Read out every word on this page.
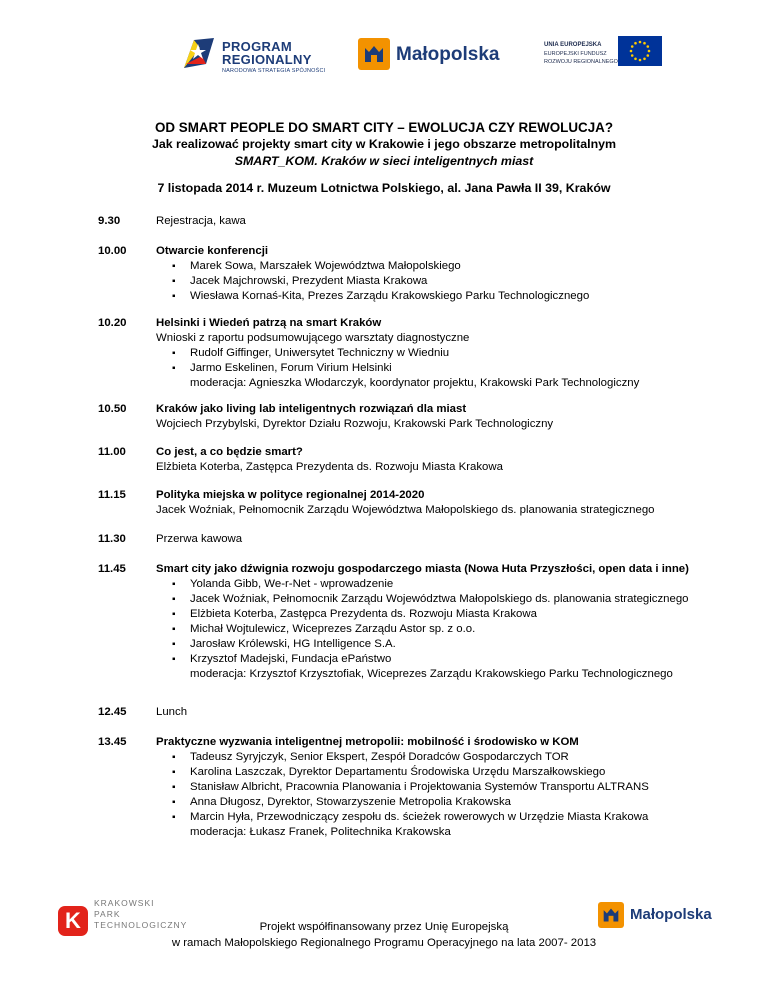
PROGRAM
REGIONALNY
NARODOWA STRATEGIA SPÓJNOŚCI
Małopolska	UNIA EUROPEJSKA
EUROPEJSKI FUNDUSZ
ROZWOJU REGIONALNEGO
OD SMART PEOPLE DO SMART CITY – EWOLUCJA CZY REWOLUCJA?
Jak realizować projekty smart city w Krakowie i jego obszarze metropolitalnym
SMART_KOM. Kraków w sieci inteligentnych miast
7 listopada 2014 r. Muzeum Lotnictwa Polskiego, al. Jana Pawła II 39, Kraków
9.30	Rejestracja, kawa
10.00	Otwarcie konferencji
▪ Marek Sowa, Marszałek Województwa Małopolskiego
▪ Jacek Majchrowski, Prezydent Miasta Krakowa
▪ Wiesława Kornaś-Kita, Prezes Zarządu Krakowskiego Parku Technologicznego
10.20	Helsinki i Wiedeń patrzą na smart Kraków
Wnioski z raportu podsumowującego warsztaty diagnostyczne
▪ Rudolf Giffinger, Uniwersytet Techniczny w Wiedniu
▪ Jarmo Eskelinen, Forum Virium Helsinki
moderacja: Agnieszka Włodarczyk, koordynator projektu, Krakowski Park Technologiczny
10.50	Kraków jako living lab inteligentnych rozwiązań dla miast
Wojciech Przybylski, Dyrektor Działu Rozwoju, Krakowski Park Technologiczny
11.00	Co jest, a co będzie smart?
Elżbieta Koterba, Zastępca Prezydenta ds. Rozwoju Miasta Krakowa
11.15	Polityka miejska w polityce regionalnej 2014-2020
Jacek Woźniak, Pełnomocnik Zarządu Województwa Małopolskiego ds. planowania strategicznego
11.30	Przerwa kawowa
11.45	Smart city jako dźwignia rozwoju gospodarczego miasta (Nowa Huta Przyszłości, open data i inne)
▪ Yolanda Gibb, We-r-Net - wprowadzenie
▪ Jacek Woźniak, Pełnomocnik Zarządu Województwa Małopolskiego ds. planowania strategicznego
▪ Elżbieta Koterba, Zastępca Prezydenta ds. Rozwoju Miasta Krakowa
▪ Michał Wojtulewicz, Wiceprezes Zarządu Astor sp. z o.o.
▪ Jarosław Królewski, HG Intelligence S.A.
▪ Krzysztof Madejski, Fundacja ePaństwo
moderacja: Krzysztof Krzysztofiak, Wiceprezes Zarządu Krakowskiego Parku Technologicznego
12.45	Lunch
13.45	Praktyczne wyzwania inteligentnej metropolii: mobilność i środowisko w KOM
▪ Tadeusz Syryjczyk, Senior Ekspert, Zespół Doradców Gospodarczych TOR
▪ Karolina Laszczak, Dyrektor Departamentu Środowiska Urzędu Marszałkowskiego
▪ Stanisław Albricht, Pracownia Planowania i Projektowania Systemów Transportu ALTRANS
▪ Anna Długosz, Dyrektor, Stowarzyszenie Metropolia Krakowska
▪ Marcin Hyła, Przewodniczący zespołu ds. ścieżek rowerowych w Urzędzie Miasta Krakowa
moderacja: Łukasz Franek, Politechnika Krakowska
K
KRAKOWSKI
PARK
TECHNOLOGICZNY
Małopolska
Projekt współfinansowany przez Unię Europejską
w ramach Małopolskiego Regionalnego Programu Operacyjnego na lata 2007- 2013
